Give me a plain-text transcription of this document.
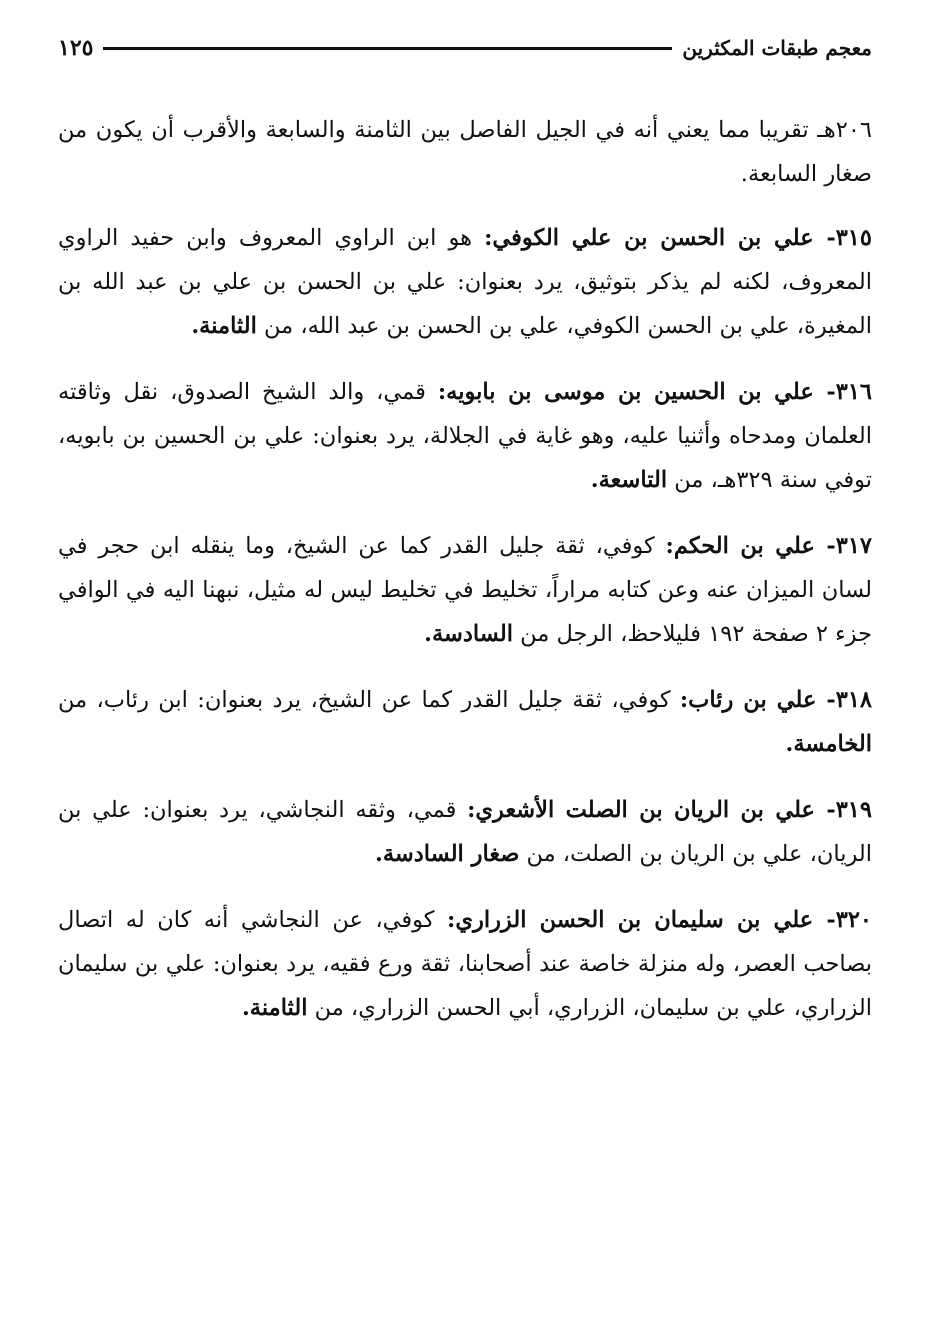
معجم طبقات المكثرين
١٢٥

٢٠٦هـ تقريبا مما يعني أنه في الجيل الفاصل بين الثامنة والسابعة والأقرب أن يكون من صغار السابعة.

٣١٥- علي بن الحسن بن علي الكوفي: هو ابن الراوي المعروف وابن حفيد الراوي المعروف، لكنه لم يذكر بتوثيق، يرد بعنوان: علي بن الحسن بن علي بن عبد الله بن المغيرة، علي بن الحسن الكوفي، علي بن الحسن بن عبد الله، من الثامنة.

٣١٦- علي بن الحسين بن موسى بن بابويه: قمي، والد الشيخ الصدوق، نقل وثاقته العلمان ومدحاه وأثنيا عليه، وهو غاية في الجلالة، يرد بعنوان: علي بن الحسين بن بابويه، توفي سنة ٣٢٩هـ، من التاسعة.

٣١٧- علي بن الحكم: كوفي، ثقة جليل القدر كما عن الشيخ، وما ينقله ابن حجر في لسان الميزان عنه وعن كتابه مراراً، تخليط في تخليط ليس له مثيل، نبهنا اليه في الوافي جزء ٢ صفحة ١٩٢ فليلاحظ، الرجل من السادسة.

٣١٨- علي بن رئاب: كوفي، ثقة جليل القدر كما عن الشيخ، يرد بعنوان: ابن رئاب، من الخامسة.

٣١٩- علي بن الريان بن الصلت الأشعري: قمي، وثقه النجاشي، يرد بعنوان: علي بن الريان، علي بن الريان بن الصلت، من صغار السادسة.

٣٢٠- علي بن سليمان بن الحسن الزراري: كوفي، عن النجاشي أنه كان له اتصال بصاحب العصر، وله منزلة خاصة عند أصحابنا، ثقة ورع فقيه، يرد بعنوان: علي بن سليمان الزراري، علي بن سليمان، الزراري، أبي الحسن الزراري، من الثامنة.
